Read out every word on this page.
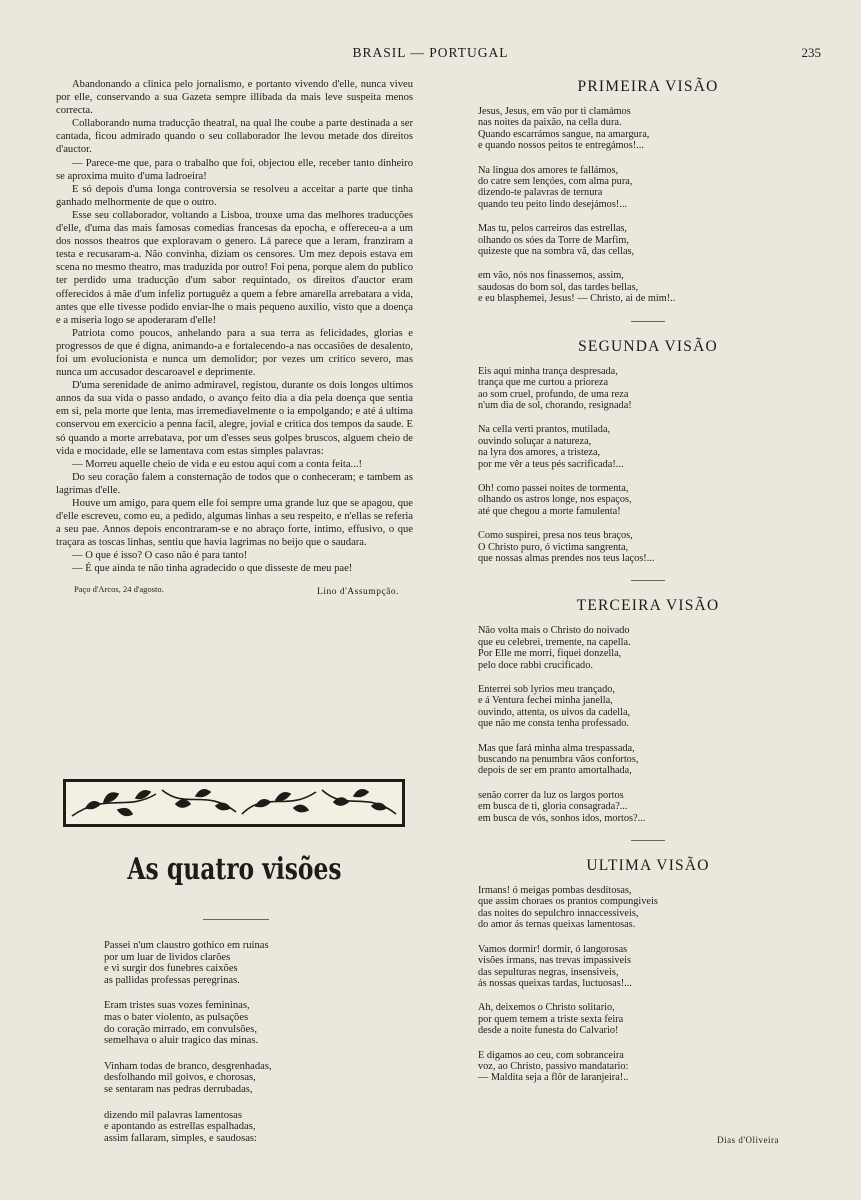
BRASIL — PORTUGAL	235

Abandonando a clinica pelo jornalismo, e portanto vivendo d'elle, nunca viveu por elle, conservando a sua Gazeta sempre illibada da mais leve suspeita menos correcta.

Collaborando numa traducção theatral, na qual lhe coube a parte destinada a ser cantada, ficou admirado quando o seu collaborador lhe levou metade dos direitos d'auctor.

— Parece-me que, para o trabalho que foi, objectou elle, receber tanto dinheiro se aproxima muito d'uma ladroeira!

E só depois d'uma longa controversia se resolveu a acceitar a parte que tinha ganhado melhormente de que o outro.

Esse seu collaborador, voltando a Lisboa, trouxe uma das melhores traducções d'elle, d'uma das mais famosas comedias francesas da epocha, e offereceu-a a um dos nossos theatros que exploravam o genero. Lá parece que a leram, franziram a testa e recusaram-a. Não convinha, diziam os censores. Um mez depois estava em scena no mesmo theatro, mas traduzida por outro! Foi pena, porque alem do publico ter perdido uma traducção d'um sabor requintado, os direitos d'auctor eram offerecidos á mãe d'um infeliz portuguêz a quem a febre amarella arrebatara a vida, antes que elle tivesse podido enviar-lhe o mais pequeno auxilio, visto que a doença e a miseria logo se apoderaram d'elle!

Patriota como poucos, anhelando para a sua terra as felicidades, glorias e progressos de que é digna, animando-a e fortalecendo-a nas occasiões de desalento, foi um evolucionista e nunca um demolidor; por vezes um critico severo, mas nunca um accusador descaroavel e deprimente.

D'uma serenidade de animo admiravel, registou, durante os dois longos ultimos annos da sua vida o passo andado, o avanço feito dia a dia pela doença que sentia em si, pela morte que lenta, mas irremediavelmente o ia empolgando; e até á ultima conservou em exercicio a penna facil, alegre, jovial e critica dos tempos da saude. E só quando a morte arrebatava, por um d'esses seus golpes bruscos, alguem cheio de vida e mocidade, elle se lamentava com estas simples palavras:

— Morreu aquelle cheio de vida e eu estou aqui com a conta feita...!

Do seu coração falem a consternação de todos que o conheceram; e tambem as lagrimas d'elle.

Houve um amigo, para quem elle foi sempre uma grande luz que se apagou, que d'elle escreveu, como eu, a pedido, algumas linhas a seu respeito, e n'ellas se referia a seu pae. Annos depois encontraram-se e no abraço forte, intimo, effusivo, o que traçara as toscas linhas, sentiu que havia lagrimas no beijo que o saudara.

— O que é isso? O caso não é para tanto!

— É que ainda te não tinha agradecido o que disseste de meu pae!

Paço d'Arcos, 24 d'agosto.	Lino d'Assumpção.
As quatro visões
Passei n'um claustro gothico em ruinas
por um luar de lividos clarões
e vi surgir dos funebres caixões
as pallidas professas peregrinas.
Eram tristes suas vozes femininas,
mas o bater violento, as pulsações
do coração mirrado, em convulsões,
semelhava o aluir tragico das minas.
Vinham todas de branco, desgrenhadas,
desfolhando mil goivos, e chorosas,
se sentaram nas pedras derrubadas,
dizendo mil palavras lamentosas
e apontando as estrellas espalhadas,
assim fallaram, simples, e saudosas:
PRIMEIRA VISÃO
Jesus, Jesus, em vão por ti clamámos
nas noites da paixão, na cella dura.
Quando escarrámos sangue, na amargura,
e quando nossos peitos te entregámos!...
Na lingua dos amores te fallámos,
do catre sem lençóes, com alma pura,
dizendo-te palavras de ternura
quando teu peito lindo desejámos!...
Mas tu, pelos carreiros das estrellas,
olhando os sóes da Torre de Marfim,
quizeste que na sombra vã, das cellas,
em vão, nós nos finassemos, assim,
saudosas do bom sol, das tardes bellas,
e eu blasphemei, Jesus! — Christo, ai de mim!..
SEGUNDA VISÃO
Eis aqui minha trança despresada,
trança que me curtou a prioreza
ao som cruel, profundo, de uma reza
n'um dia de sol, chorando, resignada!
Na cella verti prantos, mutilada,
ouvindo soluçar a natureza,
na lyra dos amores, a tristeza,
por me vêr a teus pés sacrificada!...
Oh! como passei noites de tormenta,
olhando os astros longe, nos espaços,
até que chegou a morte famulenta!
Como suspirei, presa nos teus braços,
O Christo puro, ó victima sangrenta,
que nossas almas prendes nos teus laços!...
TERCEIRA VISÃO
Não volta mais o Christo do noivado
que eu celebrei, tremente, na capella.
Por Elle me morri, fiquei donzella,
pelo doce rabbi crucificado.
Enterrei sob lyrios meu trançado,
e á Ventura fechei minha janella,
ouvindo, attenta, os uivos da cadella,
que não me consta tenha professado.
Mas que fará minha alma trespassada,
buscando na penumbra vãos confortos,
depois de ser em pranto amortalhada,
senão correr da luz os largos portos
em busca de ti, gloria consagrada?...
em busca de vós, sonhos idos, mortos?...
ULTIMA VISÃO
Irmans! ó meigas pombas desditosas,
que assim choraes os prantos compungiveis
das noites do sepulchro innaccessiveis,
do amor ás ternas queixas lamentosas.
Vamos dormir! dormir, ó langorosas
visões irmans, nas trevas impassiveis
das sepulturas negras, insensiveis,
ás nossas queixas tardas, luctuosas!...
Ah, deixemos o Christo solitario,
por quem temem a triste sexta feira
desde a noite funesta do Calvario!
E digamos ao ceu, com sobranceira
voz, ao Christo, passivo mandatario:
— Maldita seja a flôr de laranjeira!..
Dias d'Oliveira
